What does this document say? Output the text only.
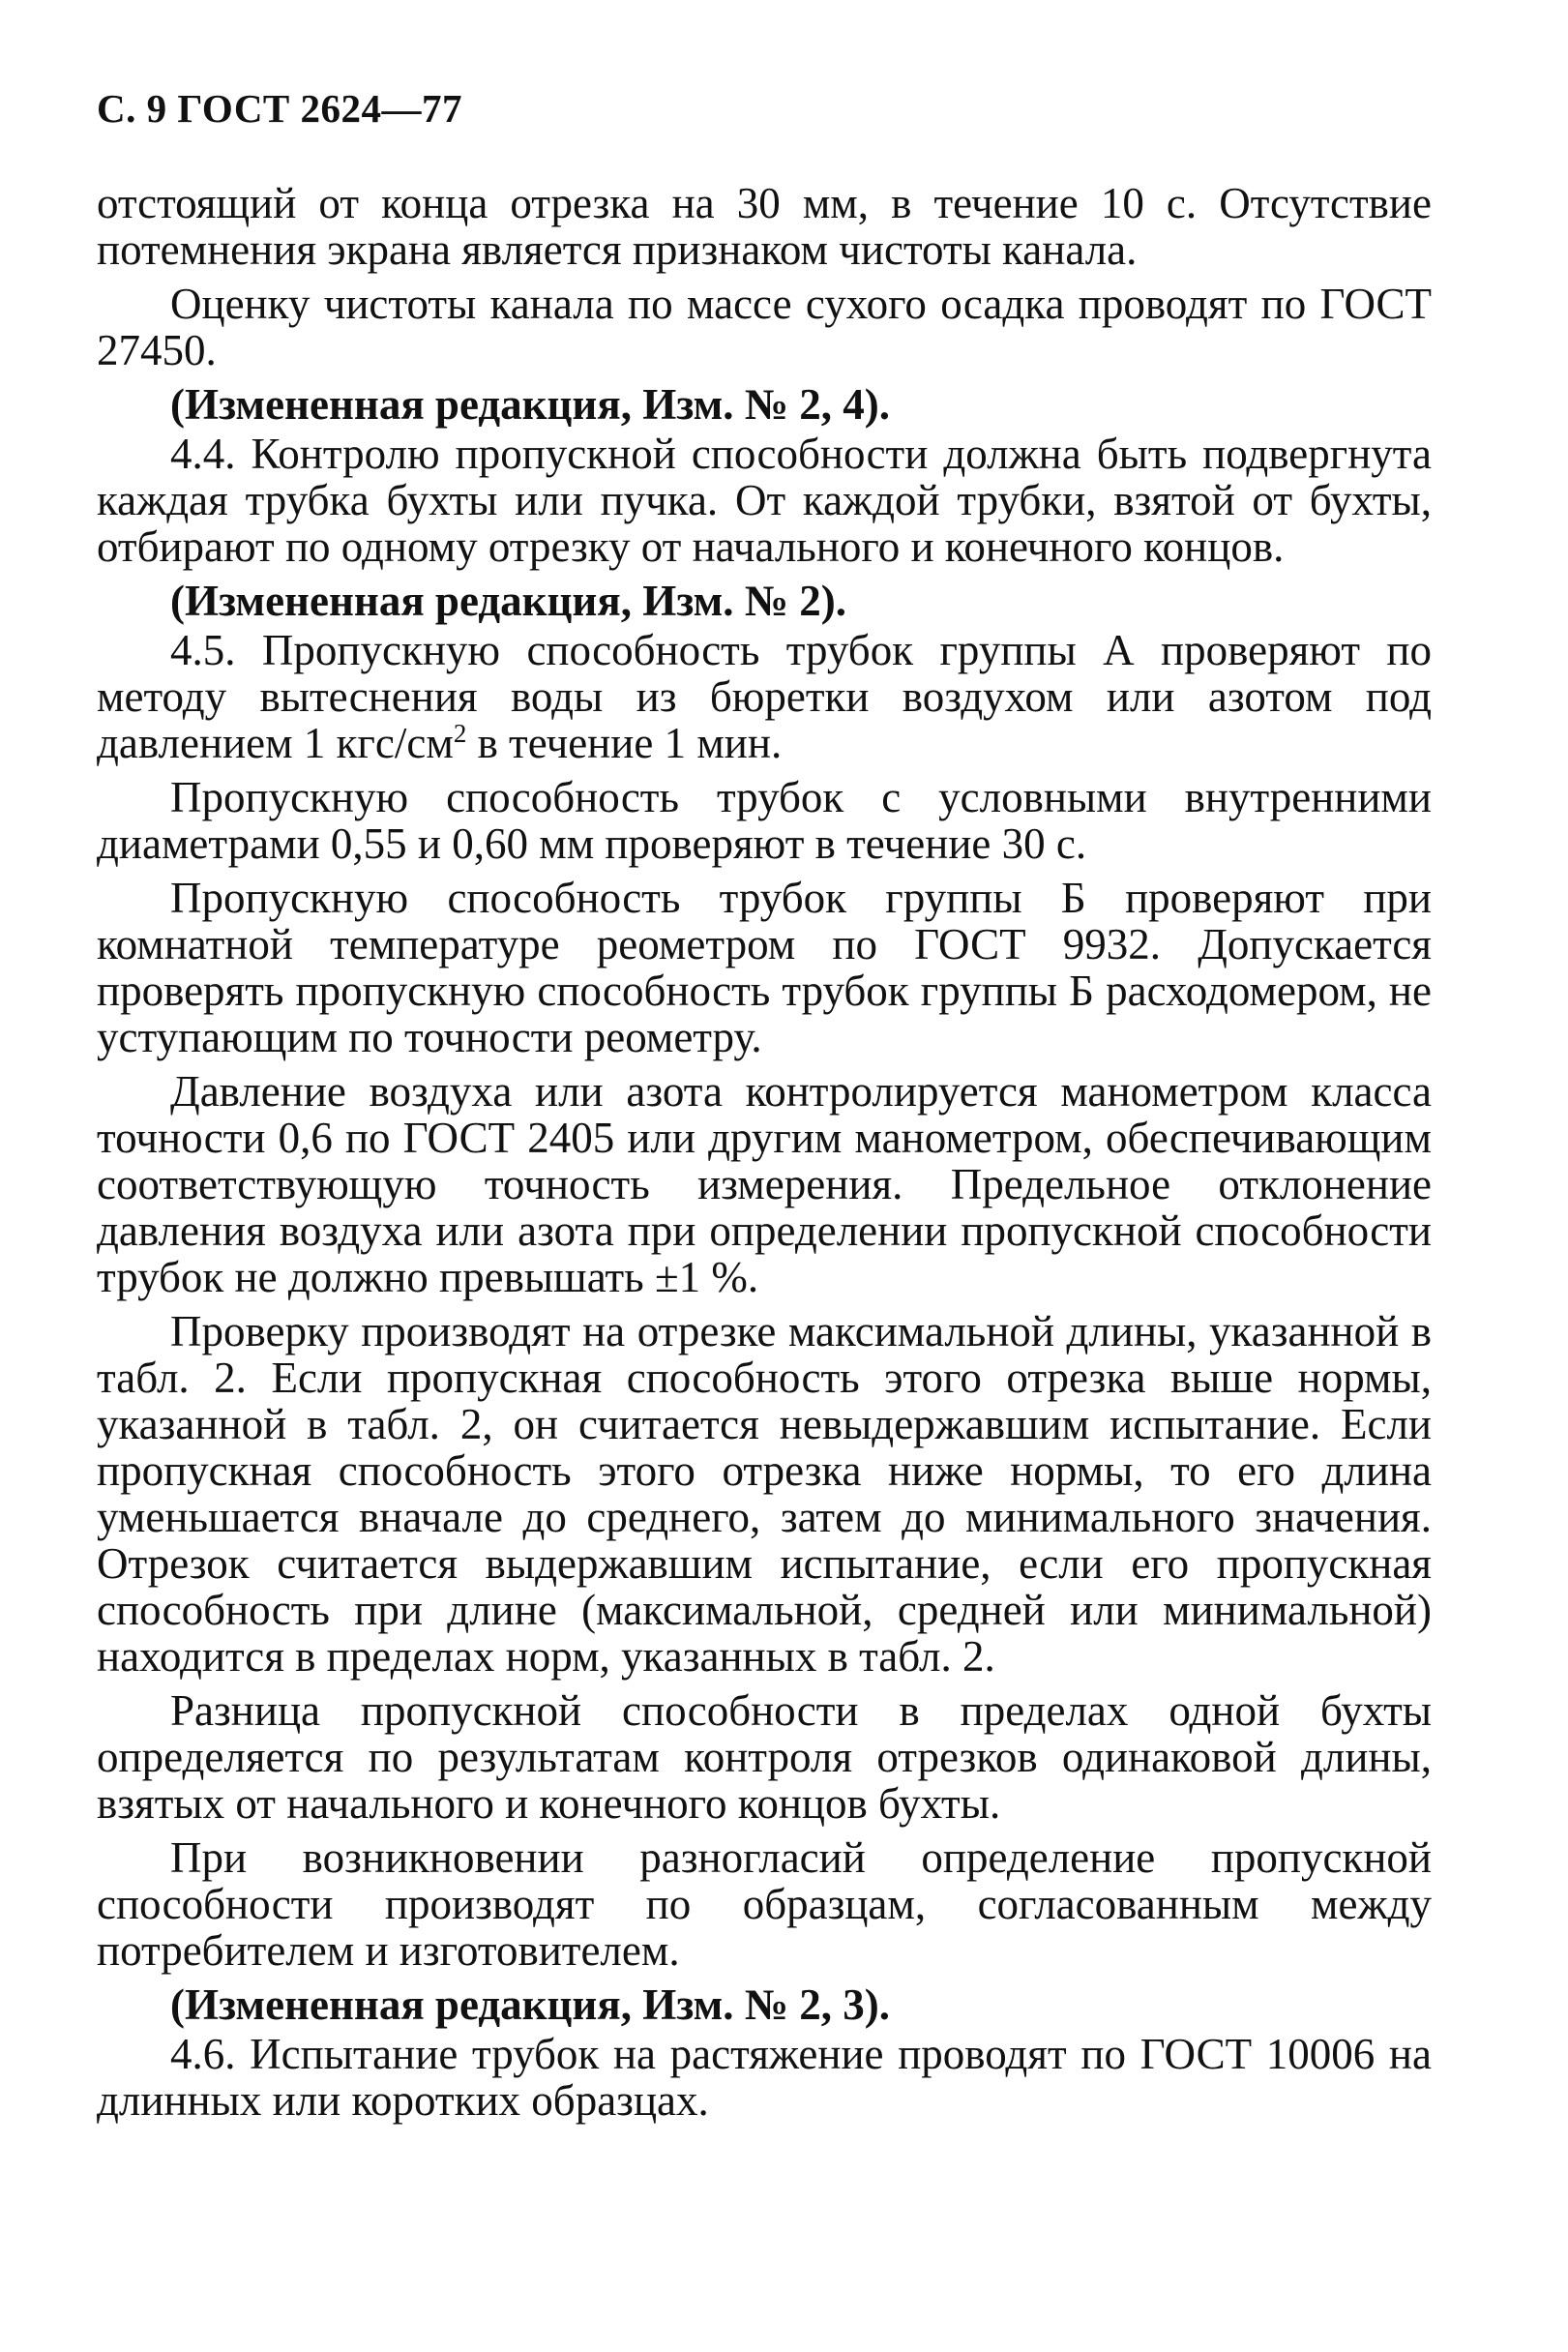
С. 9 ГОСТ 2624—77

отстоящий от конца отрезка на 30 мм, в течение 10 с. Отсутствие потемнения экрана является признаком чистоты канала.

Оценку чистоты канала по массе сухого осадка проводят по ГОСТ 27450.

(Измененная редакция, Изм. № 2, 4).

4.4. Контролю пропускной способности должна быть подвергнута каждая трубка бухты или пучка. От каждой трубки, взятой от бухты, отбирают по одному отрезку от начального и конечного концов.

(Измененная редакция, Изм. № 2).

4.5. Пропускную способность трубок группы А проверяют по методу вытеснения воды из бюретки воздухом или азотом под давлением 1 кгс/$см^2$ в течение 1 мин.

Пропускную способность трубок с условными внутренними диаметрами 0,55 и 0,60 мм проверяют в течение 30 с.

Пропускную способность трубок группы Б проверяют при комнатной температуре реометром по ГОСТ 9932. Допускается проверять пропускную способность трубок группы Б расходомером, не уступающим по точности реометру.

Давление воздуха или азота контролируется манометром класса точности 0,6 по ГОСТ 2405 или другим манометром, обеспечивающим соответствующую точность измерения. Предельное отклонение давления воздуха или азота при определении пропускной способности трубок не должно превышать ±1 %.

Проверку производят на отрезке максимальной длины, указанной в табл. 2. Если пропускная способность этого отрезка выше нормы, указанной в табл. 2, он считается невыдержавшим испытание. Если пропускная способность этого отрезка ниже нормы, то его длина уменьшается вначале до среднего, затем до минимального значения. Отрезок считается выдержавшим испытание, если его пропускная способность при длине (максимальной, средней или минимальной) находится в пределах норм, указанных в табл. 2.

Разница пропускной способности в пределах одной бухты определяется по результатам контроля отрезков одинаковой длины, взятых от начального и конечного концов бухты.

При возникновении разногласий определение пропускной способности производят по образцам, согласованным между потребителем и изготовителем.

(Измененная редакция, Изм. № 2, 3).

4.6. Испытание трубок на растяжение проводят по ГОСТ 10006 на длинных или коротких образцах.
